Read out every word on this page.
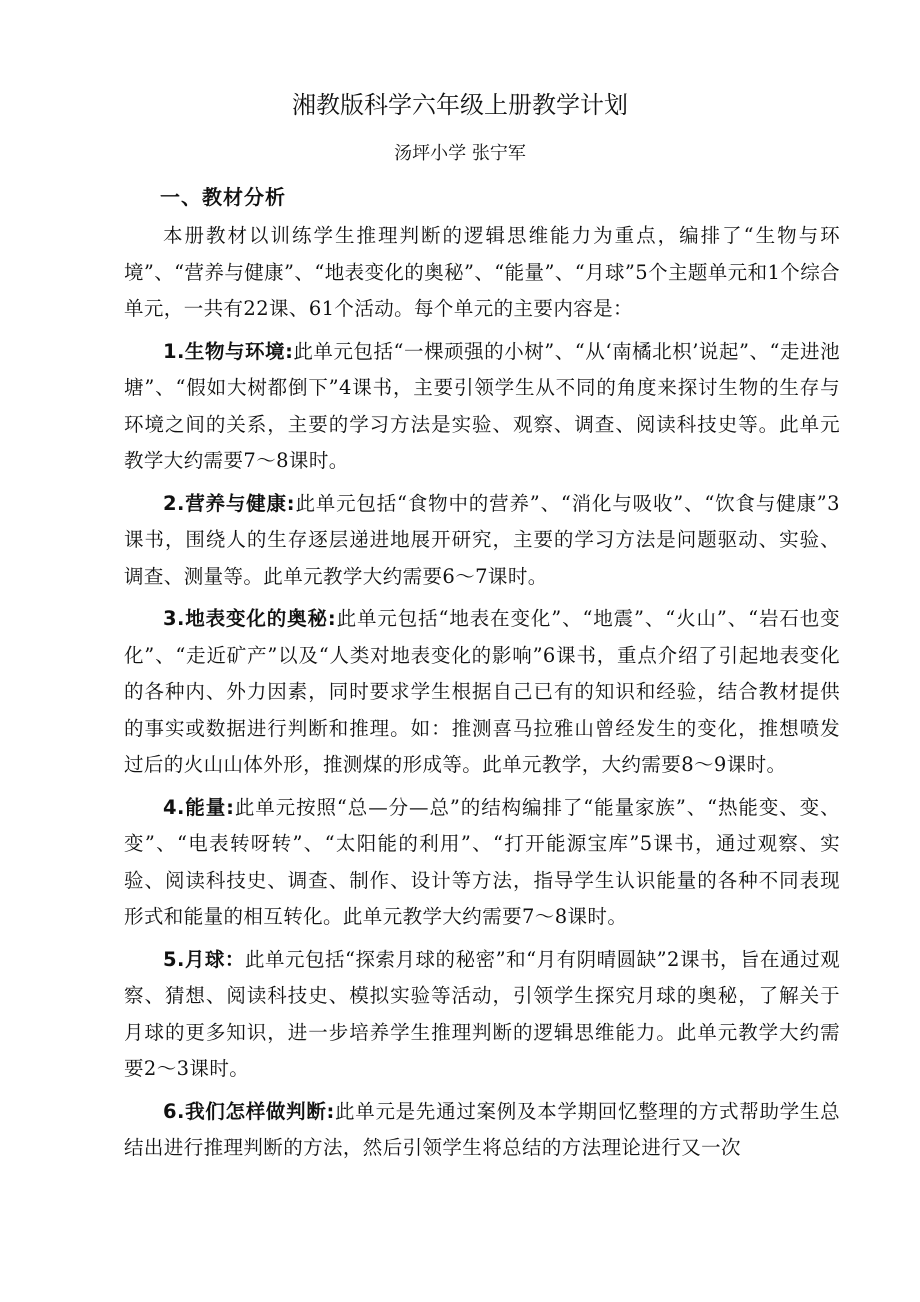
湘教版科学六年级上册教学计划
汤坪小学 张宁军
一、教材分析

本册教材以训练学生推理判断的逻辑思维能力为重点，编排了“生物与环境”、“营养与健康”、“地表变化的奥秘”、“能量”、“月球”5个主题单元和1个综合单元，一共有22课、61个活动。每个单元的主要内容是：

1.生物与环境:此单元包括“一棵顽强的小树”、“从‘南橘北枳’说起”、“走进池塘”、“假如大树都倒下”4课书，主要引领学生从不同的角度来探讨生物的生存与环境之间的关系，主要的学习方法是实验、观察、调查、阅读科技史等。此单元教学大约需要7～8课时。

2.营养与健康:此单元包括“食物中的营养”、“消化与吸收”、“饮食与健康”3课书，围绕人的生存逐层递进地展开研究，主要的学习方法是问题驱动、实验、调查、测量等。此单元教学大约需要6～7课时。

3.地表变化的奥秘:此单元包括“地表在变化”、“地震”、“火山”、“岩石也变化”、“走近矿产”以及“人类对地表变化的影响”6课书，重点介绍了引起地表变化的各种内、外力因素，同时要求学生根据自己已有的知识和经验，结合教材提供的事实或数据进行判断和推理。如：推测喜马拉雅山曾经发生的变化，推想喷发过后的火山山体外形，推测煤的形成等。此单元教学，大约需要8～9课时。

4.能量:此单元按照“总—分—总”的结构编排了“能量家族”、“热能变、变、变”、“电表转呀转”、“太阳能的利用”、“打开能源宝库”5课书，通过观察、实验、阅读科技史、调查、制作、设计等方法，指导学生认识能量的各种不同表现形式和能量的相互转化。此单元教学大约需要7～8课时。

5.月球：此单元包括“探索月球的秘密”和“月有阴晴圆缺”2课书，旨在通过观察、猜想、阅读科技史、模拟实验等活动，引领学生探究月球的奥秘，了解关于月球的更多知识，进一步培养学生推理判断的逻辑思维能力。此单元教学大约需要2～3课时。

6.我们怎样做判断:此单元是先通过案例及本学期回忆整理的方式帮助学生总结出进行推理判断的方法，然后引领学生将总结的方法理论进行又一次
